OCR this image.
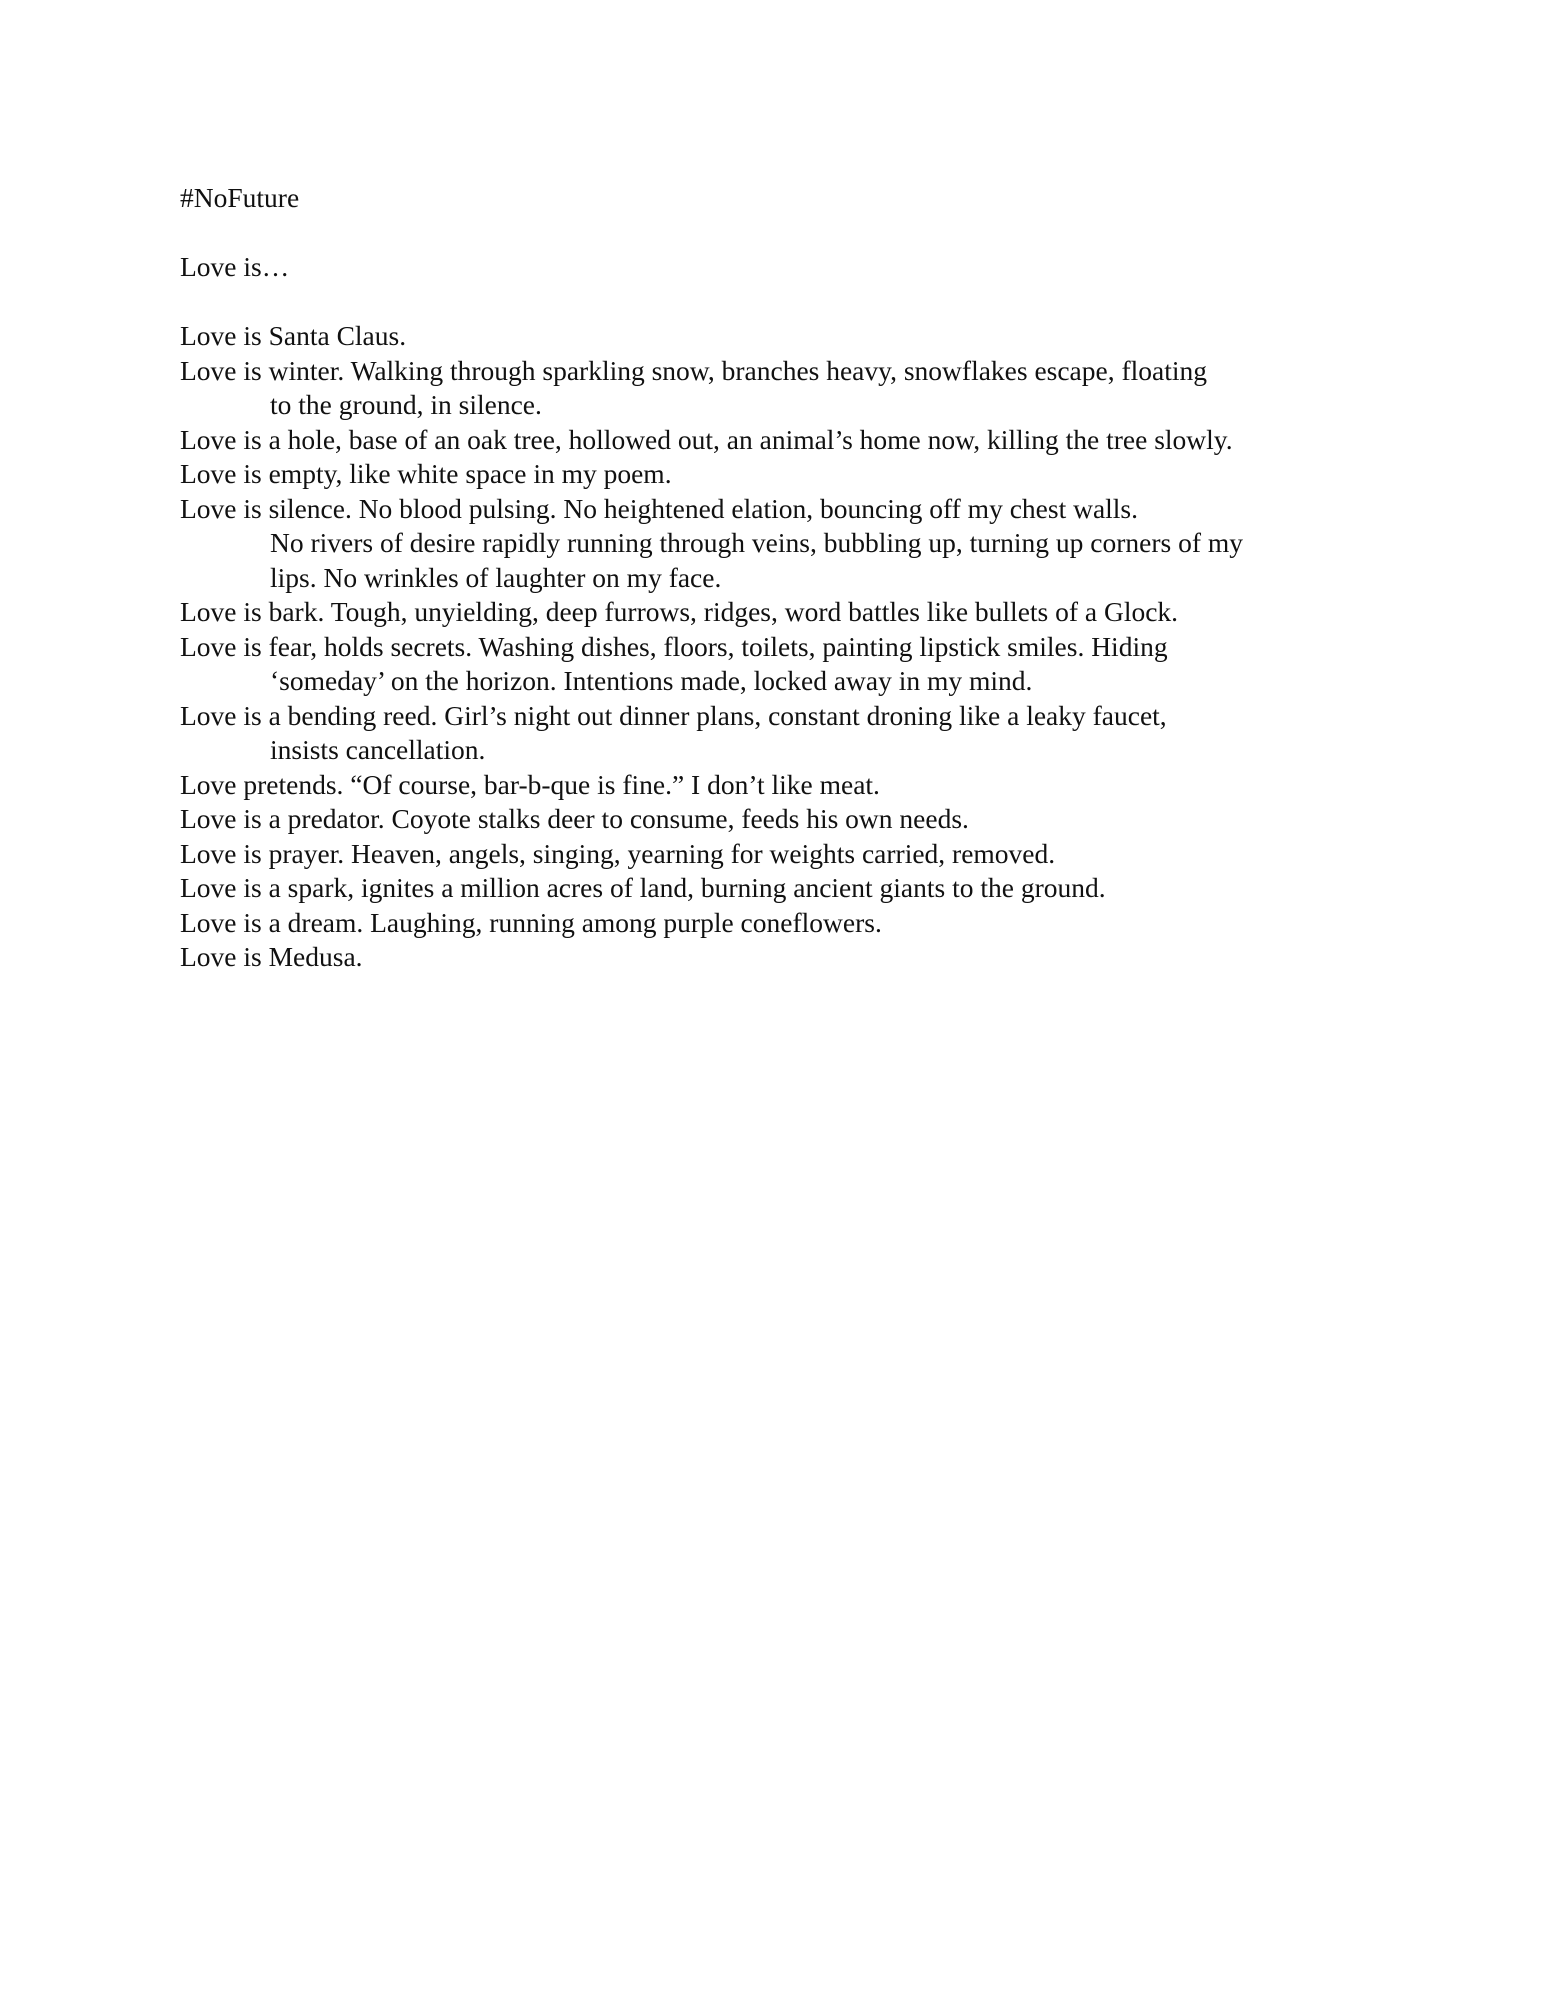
#NoFuture
Love is…
Love is Santa Claus.
Love is winter. Walking through sparkling snow, branches heavy, snowflakes escape, floating
to the ground, in silence.
Love is a hole, base of an oak tree, hollowed out, an animal’s home now, killing the tree slowly.
Love is empty, like white space in my poem.
Love is silence. No blood pulsing. No heightened elation, bouncing off my chest walls.
No rivers of desire rapidly running through veins, bubbling up, turning up corners of my
lips. No wrinkles of laughter on my face.
Love is bark. Tough, unyielding, deep furrows, ridges, word battles like bullets of a Glock.
Love is fear, holds secrets. Washing dishes, floors, toilets, painting lipstick smiles. Hiding
‘someday’ on the horizon. Intentions made, locked away in my mind.
Love is a bending reed. Girl’s night out dinner plans, constant droning like a leaky faucet,
insists cancellation.
Love pretends. “Of course, bar-b-que is fine.” I don’t like meat.
Love is a predator. Coyote stalks deer to consume, feeds his own needs.
Love is prayer. Heaven, angels, singing, yearning for weights carried, removed.
Love is a spark, ignites a million acres of land, burning ancient giants to the ground.
Love is a dream. Laughing, running among purple coneflowers.
Love is Medusa.
